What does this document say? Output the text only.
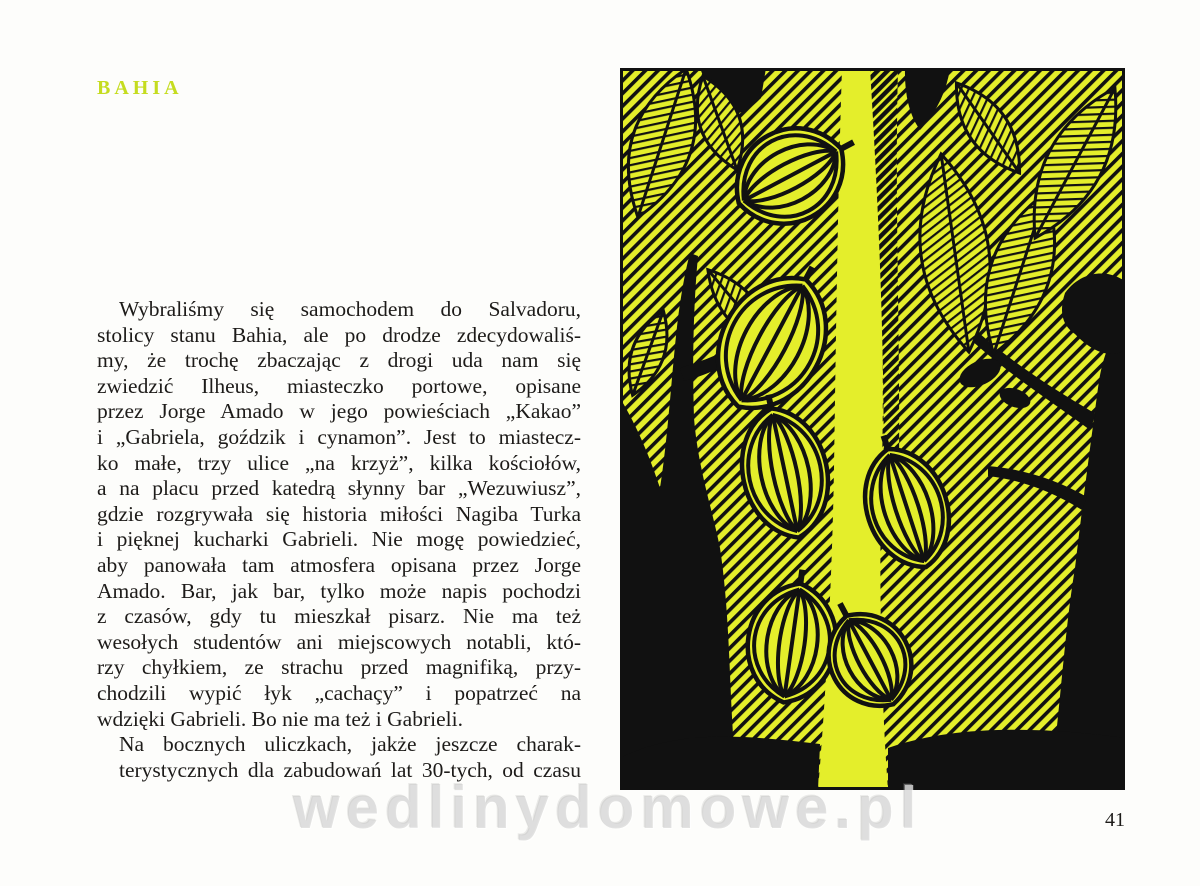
BAHIA
Wybraliśmy się samochodem do Salvadoru,
stolicy stanu Bahia, ale po drodze zdecydowaliś-
my, że trochę zbaczając z drogi uda nam się
zwiedzić Ilheus, miasteczko portowe, opisane
przez Jorge Amado w jego powieściach „Kakao”
i „Gabriela, goździk i cynamon”. Jest to miastecz-
ko małe, trzy ulice „na krzyż”, kilka kościołów,
a na placu przed katedrą słynny bar „Wezuwiusz”,
gdzie rozgrywała się historia miłości Nagiba Turka
i pięknej kucharki Gabrieli. Nie mogę powiedzieć,
aby panowała tam atmosfera opisana przez Jorge
Amado. Bar, jak bar, tylko może napis pochodzi
z czasów, gdy tu mieszkał pisarz. Nie ma też
wesołych studentów ani miejscowych notabli, któ-
rzy chyłkiem, ze strachu przed magnifiką, przy-
chodzili wypić łyk „cachaçy” i popatrzeć na
wdzięki Gabrieli. Bo nie ma też i Gabrieli.
Na bocznych uliczkach, jakże jeszcze charak-
terystycznych dla zabudowań lat 30-tych, od czasu
41
wedlinydomowe.pl
